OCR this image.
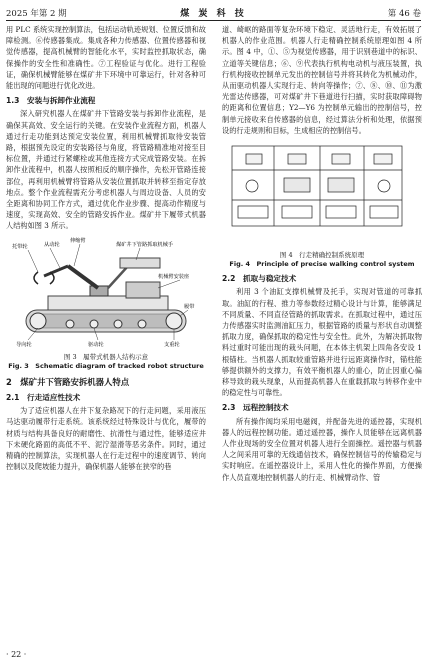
2025 年第 2 期	煤 炭 科 技	第 46 卷

用 PLC 系统实现控制算法，包括运动轨迹规划、位置反馈和故障检测。⑥传感器集成。集成各种力传感器、位置传感器和视觉传感器，提高机械臂的智能化水平，实时监控抓取状态，确保操作的安全性和准确性。⑦工程验证与优化。进行工程验证，确保机械臂能够在煤矿井下环境中可靠运行，针对各种可能出现的问题进行优化改进。

1.3　安装与拆卸作业流程

深入研究机器人在煤矿井下管路安装与拆卸作业流程，是确保其高效、安全运行的关键。在安装作业流程方面，机器人通过行走功能到达预定安装位置，利用机械臂抓取待安装管路，根据预先设定的安装路径与角度，将管路精准地对接至目标位置，并通过行紧螺栓或其他连接方式完成管路安装。在拆卸作业流程中，机器人按照相反的顺序操作，先松开管路连接部位，再利用机械臂将管路从安装位置抓取并转移至指定存放地点。整个作业流程需充分考虑机器人与周边设备、人员的安全距离和协同工作方式，通过优化作业步骤、提高动作精度与速度，实现高效、安全的管路安拆作业。煤矿井下履带式机器人结构如图 3 所示。

托带轮	从动轮
伸缩臂
煤矿井下管路抓取机械手
机械臂安装座
履带
导向轮	驱动轮	支重轮
图 3　履带式机器人结构示意
Fig. 3　Schematic diagram of tracked robot structure
2　煤矿井下管路安拆机器人特点
2.1　行走适应性技术

为了适应机器人在井下复杂路况下的行走问题，采用液压马达驱动履带行走系统。该系统经过特殊设计与优化，履带的材质与结构具备良好的耐磨性、抗滑性与通过性，能够适应井下未硬化路面的高低不平、泥泞湿滑等恶劣条件。同时，通过精确的控制算法，实现机器人在行走过程中的速度调节、转向控制以及爬坡能力提升，确保机器人能够在狭窄的巷

道、崎岖的路面等复杂环境下稳定、灵活地行走，有效拓展了机器人的作业范围。机器人行走精确控制系统原理如图 4 所示。图 4 中，①、⑤为视觉传感器，用于识别巷道中的标识、立道等关键信息；⑥、⑨代表执行机构电动机与液压装置，执行机构接收控制单元发出的控制信号并将其转化为机械动作，从而驱动机器人实现行走、转向等操作；⑦、⑧、⑩、⑪为激光雷达传感器，可对煤矿井下巷道进行扫描，实时获取障碍物的距离和位置信息；Y2—Y6 为控制单元输出的控制信号，控制单元接收来自传感器的信息，经过算法分析和处理，依据预设的行走规则和目标，生成相应的控制信号。

图 4　行走精确控制系统原理
Fig. 4　Principle of precise walking control system
2.2　抓取与稳定技术

利用 3 个油缸支撑机械臂及托手，实现对管道的可靠抓取。油缸的行程、推力等参数经过精心设计与计算，能够满足不同质量、不同直径管路的抓取需求。在抓取过程中，通过压力传感器实时监测油缸压力，根据管路的质量与形状自动调整抓取力度，确保抓取的稳定性与安全性。此外，为解决抓取物料过重时可能出现的栽头问题，在本体主机架上四角各安设 1 根锚柱。当机器人抓取较重管路并进行远距离操作时，锚柱能够提供额外的支撑力，有效平衡机器人的重心，防止因重心偏移导致的栽头现象，从而提高机器人在重载抓取与转移作业中的稳定性与可靠性。

2.3　远程控制技术

所有操作阀均采用电磁阀，并配备先进的遥控器，实现机器人的远程控制功能。通过遥控器，操作人员能够在远离机器人作业现场的安全位置对机器人进行全面操控。遥控器与机器人之间采用可靠的无线通信技术，确保控制信号的传输稳定与实时响应。在遥控器设计上，采用人性化的操作界面，方便操作人员直观地控制机器人的行走、机械臂动作、管

· 22 ·
